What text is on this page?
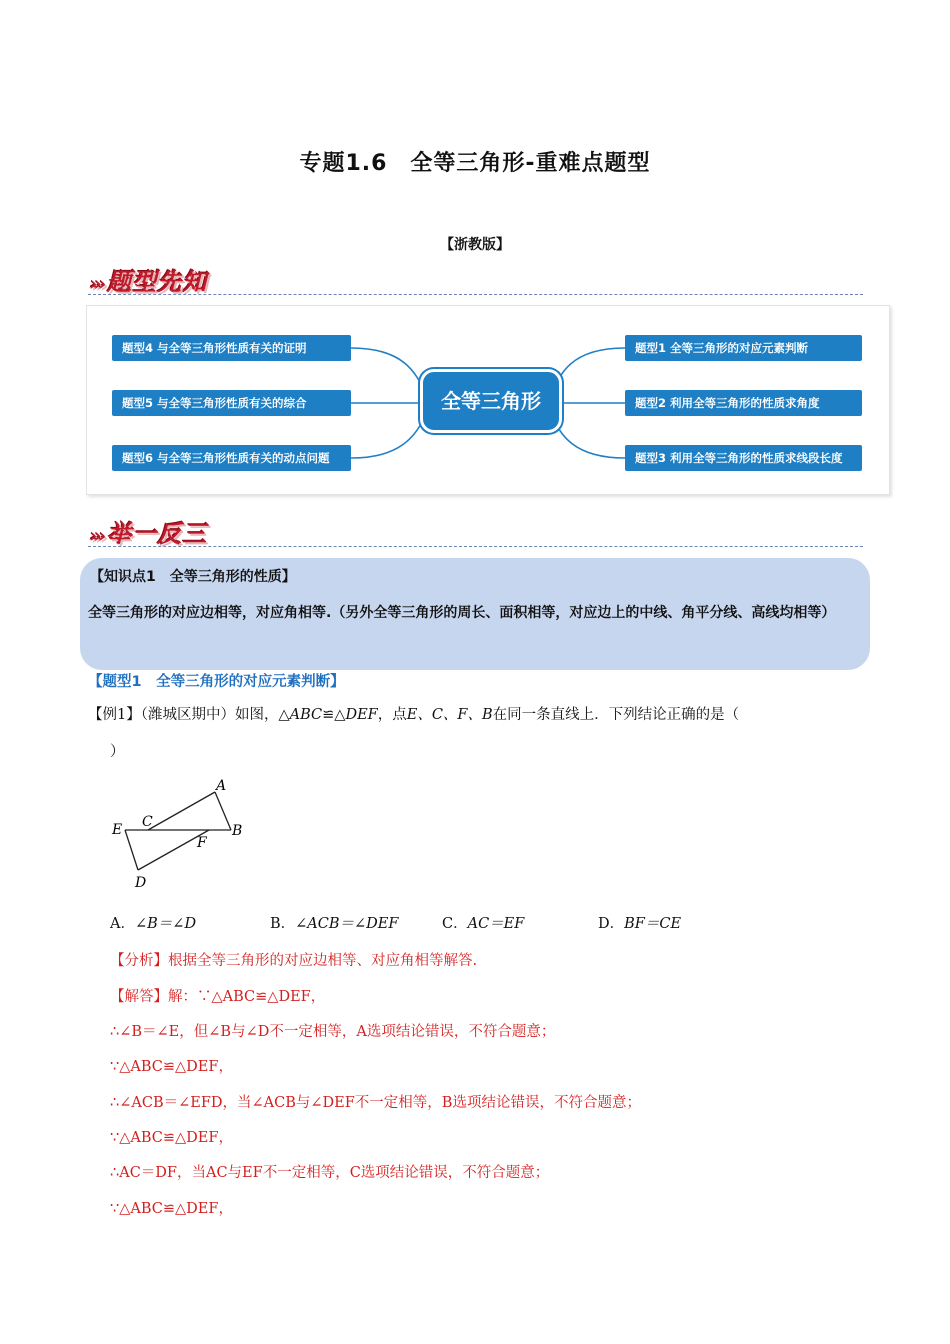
专题1.6　全等三角形-重难点题型
【浙教版】
››› 题型先知
题型4 与全等三角形性质有关的证明
题型5 与全等三角形性质有关的综合
题型6 与全等三角形性质有关的动点问题
全等三角形
题型1 全等三角形的对应元素判断
题型2 利用全等三角形的性质求角度
题型3 利用全等三角形的性质求线段长度
››› 举一反三
【知识点1　全等三角形的性质】
全等三角形的对应边相等，对应角相等.（另外全等三角形的周长、面积相等，对应边上的中线、角平分线、高线均相等）
【题型1　全等三角形的对应元素判断】
【例1】（潍城区期中）如图，△ABC≌△DEF，点E、C、F、B在同一条直线上．下列结论正确的是（
）
A
B
C
D
E
F
A．∠B＝∠D	B．∠ACB＝∠DEF	C．AC＝EF	D．BF＝CE
【分析】根据全等三角形的对应边相等、对应角相等解答.
【解答】解：∵△ABC≌△DEF，
∴∠B＝∠E，但∠B与∠D不一定相等，A选项结论错误，不符合题意；
∵△ABC≌△DEF，
∴∠ACB＝∠EFD，当∠ACB与∠DEF不一定相等，B选项结论错误，不符合题意；
∵△ABC≌△DEF，
∴AC＝DF，当AC与EF不一定相等，C选项结论错误，不符合题意；
∵△ABC≌△DEF，
